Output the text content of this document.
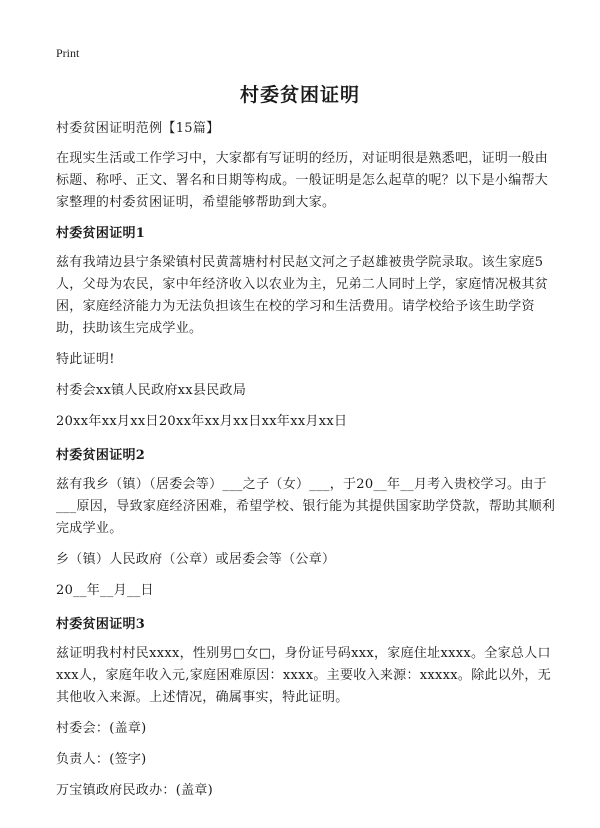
Print
村委贫困证明

村委贫困证明范例【15篇】

在现实生活或工作学习中，大家都有写证明的经历，对证明很是熟悉吧，证明一般由标题、称呼、正文、署名和日期等构成。一般证明是怎么起草的呢？以下是小编帮大家整理的村委贫困证明，希望能够帮助到大家。

村委贫困证明1

兹有我靖边县宁条梁镇村民黄蒿塘村村民赵文河之子赵雄被贵学院录取。该生家庭5人，父母为农民，家中年经济收入以农业为主，兄弟二人同时上学，家庭情况极其贫困，家庭经济能力为无法负担该生在校的学习和生活费用。请学校给予该生助学资助，扶助该生完成学业。

特此证明!

村委会xx镇人民政府xx县民政局

20xx年xx月xx日20xx年xx月xx日xx年xx月xx日

村委贫困证明2

兹有我乡（镇）（居委会等）___之子（女）___，于20__年__月考入贵校学习。由于___原因，导致家庭经济困难，希望学校、银行能为其提供国家助学贷款，帮助其顺利完成学业。

乡（镇）人民政府（公章）或居委会等（公章）

20__年__月__日

村委贫困证明3

兹证明我村村民xxxx，性别男□女□，身份证号码xxx，家庭住址xxxx。全家总人口xxx人，家庭年收入元,家庭困难原因：xxxx。主要收入来源：xxxxx。除此以外，无其他收入来源。上述情况，确属事实，特此证明。

村委会：(盖章)

负责人：(签字)

万宝镇政府民政办：(盖章)
